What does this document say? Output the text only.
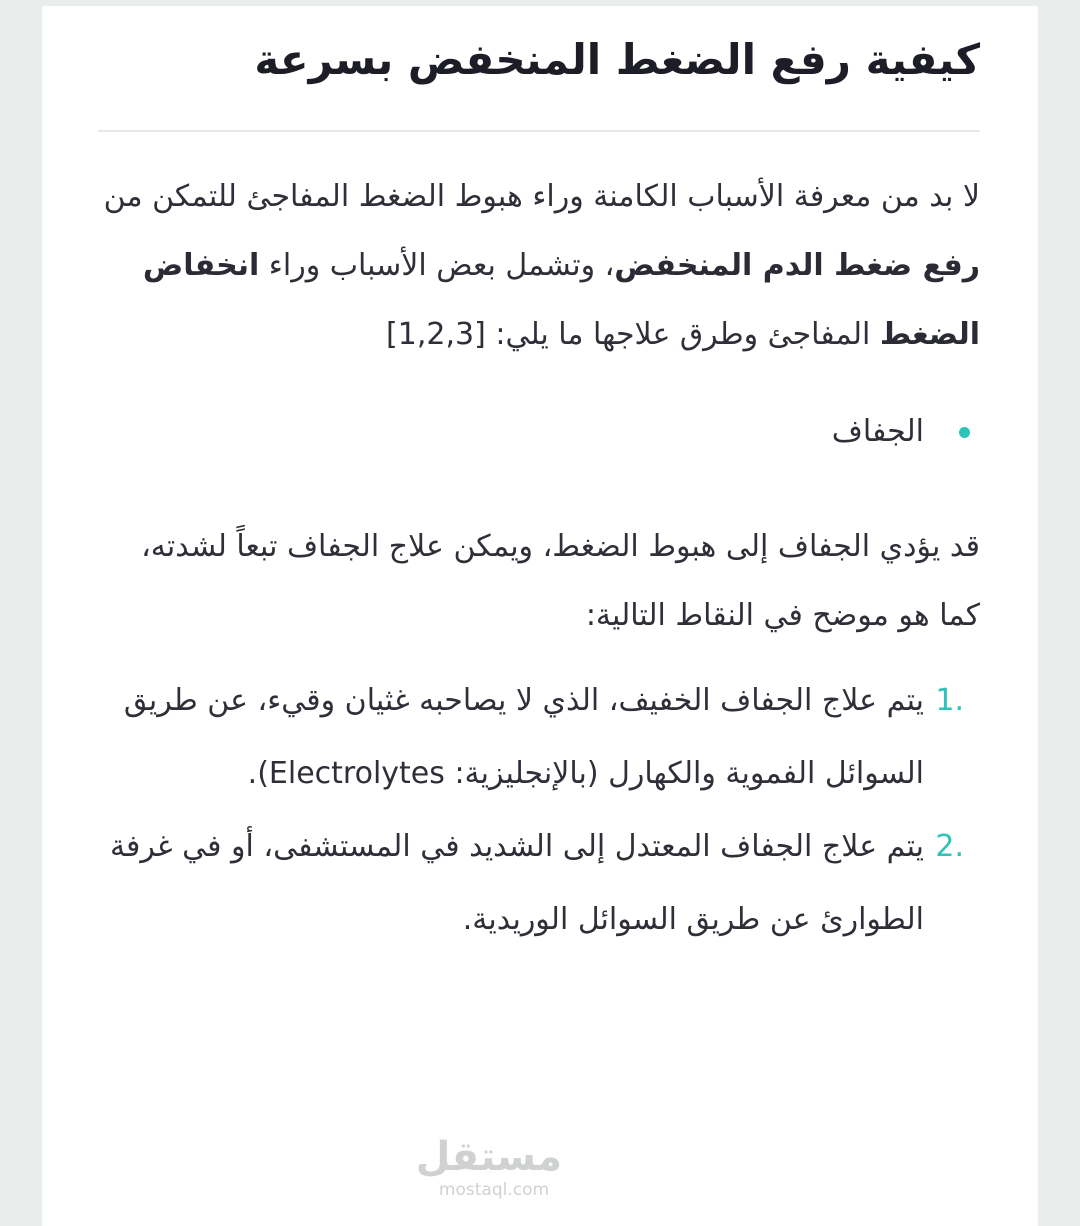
كيفية رفع الضغط المنخفض بسرعة

لا بد من معرفة الأسباب الكامنة وراء هبوط الضغط المفاجئ للتمكن من رفع ضغط الدم المنخفض، وتشمل بعض الأسباب وراء انخفاض الضغط المفاجئ وطرق علاجها ما يلي: [1,2,3]

الجفاف

قد يؤدي الجفاف إلى هبوط الضغط، ويمكن علاج الجفاف تبعاً لشدته، كما هو موضح في النقاط التالية:

1.
يتم علاج الجفاف الخفيف، الذي لا يصاحبه غثيان وقيء، عن طريق السوائل الفموية والكهارل (بالإنجليزية: Electrolytes).
2.
يتم علاج الجفاف المعتدل إلى الشديد في المستشفى، أو في غرفة الطوارئ عن طريق السوائل الوريدية.
مستقل
mostaql.com
